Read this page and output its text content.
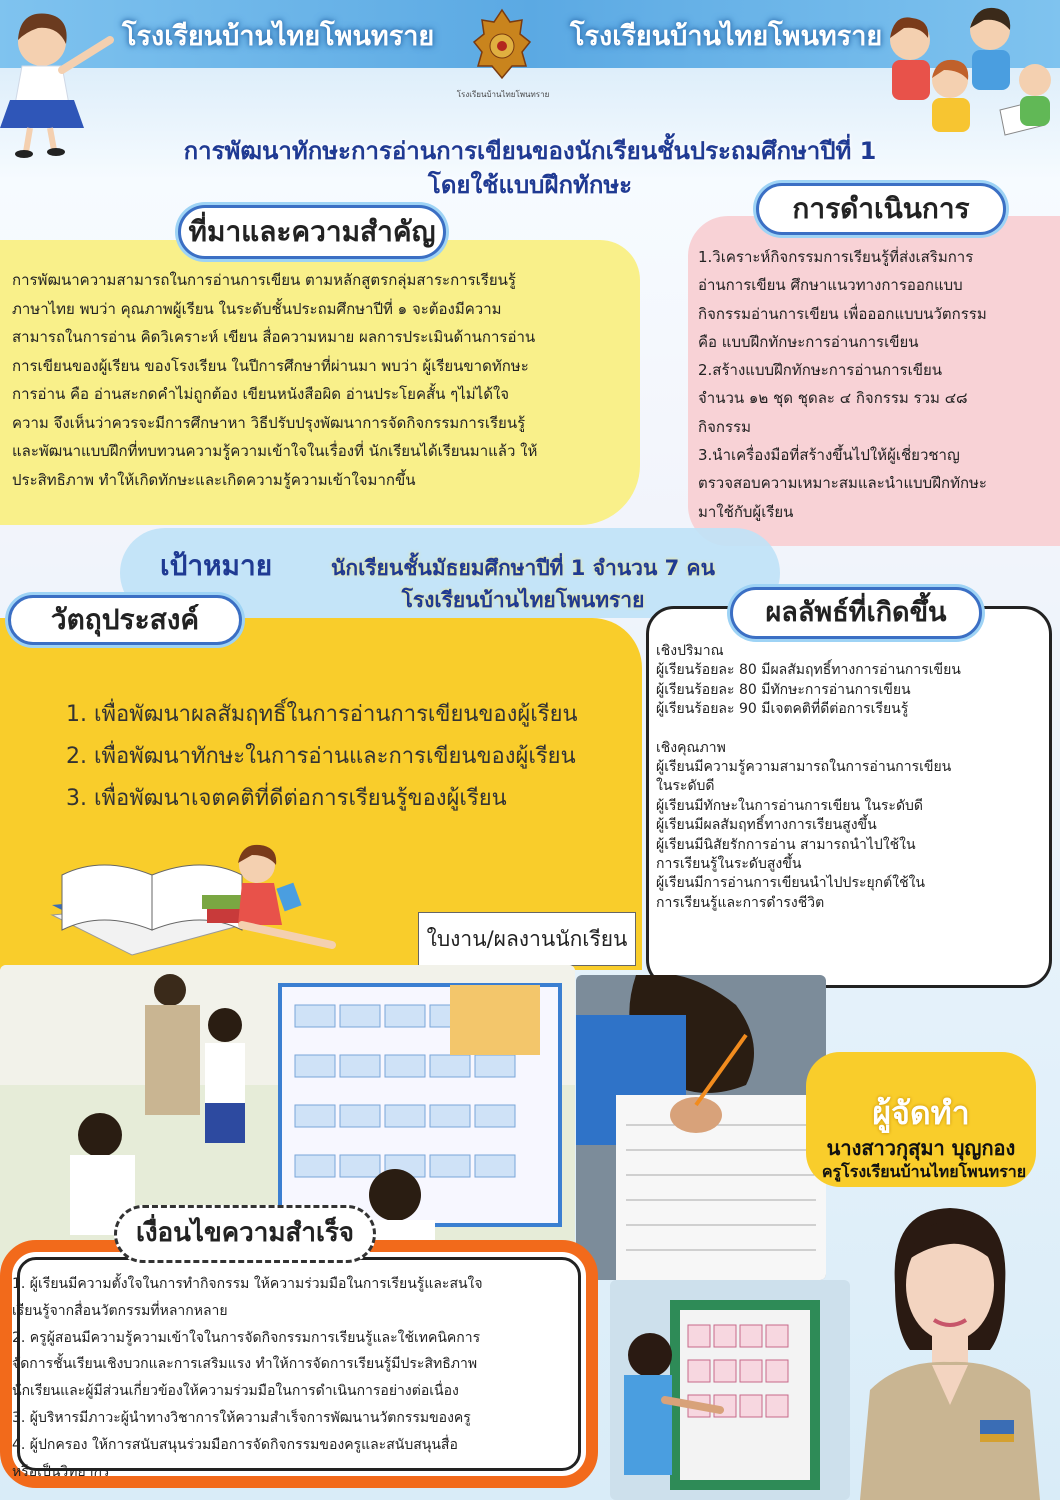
โรงเรียนบ้านไทยโพนทราย	โรงเรียนบ้านไทยโพนทราย
โรงเรียนบ้านไทยโพนทราย
การพัฒนาทักษะการอ่านการเขียนของนักเรียนชั้นประถมศึกษาปีที่ 1
โดยใช้แบบฝึกทักษะ
ที่มาและความสำคัญ
การพัฒนาความสามารถในการอ่านการเขียน ตามหลักสูตรกลุ่มสาระการเรียนรู้
ภาษาไทย พบว่า คุณภาพผู้เรียน ในระดับชั้นประถมศึกษาปีที่ ๑ จะต้องมีความ
สามารถในการอ่าน คิดวิเคราะห์ เขียน สื่อความหมาย ผลการประเมินด้านการอ่าน
การเขียนของผู้เรียน ของโรงเรียน ในปีการศึกษาที่ผ่านมา พบว่า ผู้เรียนขาดทักษะ
การอ่าน คือ อ่านสะกดคำไม่ถูกต้อง เขียนหนังสือผิด อ่านประโยคสั้น ๆไม่ได้ใจ
ความ จึงเห็นว่าควรจะมีการศึกษาหา วิธีปรับปรุงพัฒนาการจัดกิจกรรมการเรียนรู้
และพัฒนาแบบฝึกที่ทบทวนความรู้ความเข้าใจในเรื่องที่ นักเรียนได้เรียนมาแล้ว ให้
ประสิทธิภาพ ทำให้เกิดทักษะและเกิดความรู้ความเข้าใจมากขึ้น
การดำเนินการ
1.วิเคราะห์กิจกรรมการเรียนรู้ที่ส่งเสริมการ
อ่านการเขียน ศึกษาแนวทางการออกแบบ
กิจกรรมอ่านการเขียน เพื่อออกแบบนวัตกรรม
คือ แบบฝึกทักษะการอ่านการเขียน
2.สร้างแบบฝึกทักษะการอ่านการเขียน
จำนวน ๑๒ ชุด ชุดละ ๔ กิจกรรม รวม ๔๘
กิจกรรม
3.นำเครื่องมือที่สร้างขึ้นไปให้ผู้เชี่ยวชาญ
ตรวจสอบความเหมาะสมและนำแบบฝึกทักษะ
มาใช้กับผู้เรียน
เป้าหมาย	นักเรียนชั้นมัธยมศึกษาปีที่ 1 จำนวน 7 คน
โรงเรียนบ้านไทยโพนทราย
วัตถุประสงค์
1. เพื่อพัฒนาผลสัมฤทธิ์ในการอ่านการเขียนของผู้เรียน
2. เพื่อพัฒนาทักษะในการอ่านและการเขียนของผู้เรียน
3. เพื่อพัฒนาเจตคติที่ดีต่อการเรียนรู้ของผู้เรียน
ใบงาน/ผลงานนักเรียน
ผลลัพธ์ที่เกิดขึ้น
เชิงปริมาณ
ผู้เรียนร้อยละ 80 มีผลสัมฤทธิ์ทางการอ่านการเขียน
ผู้เรียนร้อยละ 80 มีทักษะการอ่านการเขียน
ผู้เรียนร้อยละ 90 มีเจตคติที่ดีต่อการเรียนรู้
เชิงคุณภาพ
ผู้เรียนมีความรู้ความสามารถในการอ่านการเขียน
ในระดับดี
ผู้เรียนมีทักษะในการอ่านการเขียน ในระดับดี
ผู้เรียนมีผลสัมฤทธิ์ทางการเรียนสูงขึ้น
ผู้เรียนมีนิสัยรักการอ่าน สามารถนำไปใช้ใน
การเรียนรู้ในระดับสูงขึ้น
ผู้เรียนมีการอ่านการเขียนนำไปประยุกต์ใช้ใน
การเรียนรู้และการดำรงชีวิต
ผู้จัดทำ
นางสาวกุสุมา บุญกอง
ครูโรงเรียนบ้านไทยโพนทราย
เงื่อนไขความสำเร็จ
1. ผู้เรียนมีความตั้งใจในการทำกิจกรรม ให้ความร่วมมือในการเรียนรู้และสนใจ
เรียนรู้จากสื่อนวัตกรรมที่หลากหลาย
2. ครูผู้สอนมีความรู้ความเข้าใจในการจัดกิจกรรมการเรียนรู้และใช้เทคนิคการ
จัดการชั้นเรียนเชิงบวกและการเสริมแรง ทำให้การจัดการเรียนรู้มีประสิทธิภาพ
นักเรียนและผู้มีส่วนเกี่ยวข้องให้ความร่วมมือในการดำเนินการอย่างต่อเนื่อง
3. ผู้บริหารมีภาวะผู้นำทางวิชาการให้ความสำเร็จการพัฒนานวัตกรรมของครู
4. ผู้ปกครอง ให้การสนับสนุนร่วมมือการจัดกิจกรรมของครูและสนับสนุนสื่อ
หรือเป็นวิทยากร
